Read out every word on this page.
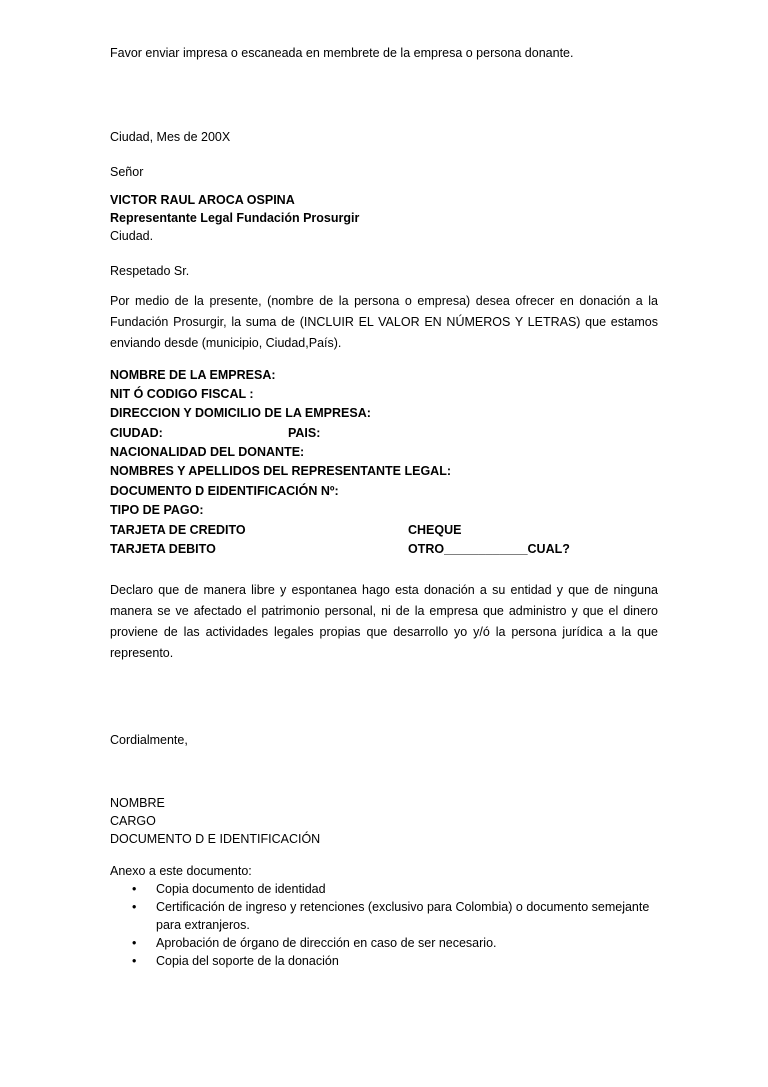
Favor enviar impresa o escaneada en membrete de la empresa o persona donante.
Ciudad, Mes de 200X
Señor
VICTOR RAUL AROCA OSPINA
Representante Legal Fundación Prosurgir
Ciudad.
Respetado Sr.
Por medio de la presente, (nombre de la persona o empresa) desea ofrecer en donación a la Fundación Prosurgir, la suma de (INCLUIR EL VALOR EN NÚMEROS Y LETRAS) que estamos enviando desde (municipio, Ciudad,País).
NOMBRE DE LA EMPRESA:
NIT Ó CODIGO FISCAL :
DIRECCION Y DOMICILIO DE LA EMPRESA:
CIUDAD:	PAIS:
NACIONALIDAD DEL DONANTE:
NOMBRES Y APELLIDOS DEL REPRESENTANTE LEGAL:
DOCUMENTO D EIDENTIFICACIÓN Nº:
TIPO DE PAGO:
TARJETA DE CREDITO	CHEQUE
TARJETA DEBITO	OTRO____________CUAL?
Declaro que de manera libre y espontanea hago esta donación a su entidad y que de ninguna manera se ve afectado el patrimonio personal, ni de la empresa que administro y que el dinero proviene de las actividades legales propias que desarrollo yo y/ó la persona jurídica a la que represento.
Cordialmente,
NOMBRE
CARGO
DOCUMENTO D E IDENTIFICACIÓN
Anexo a este documento:
• Copia documento de identidad
• Certificación de ingreso y retenciones (exclusivo para Colombia) o documento semejante para extranjeros.
• Aprobación de órgano de dirección en caso de ser necesario.
• Copia del soporte de la donación
